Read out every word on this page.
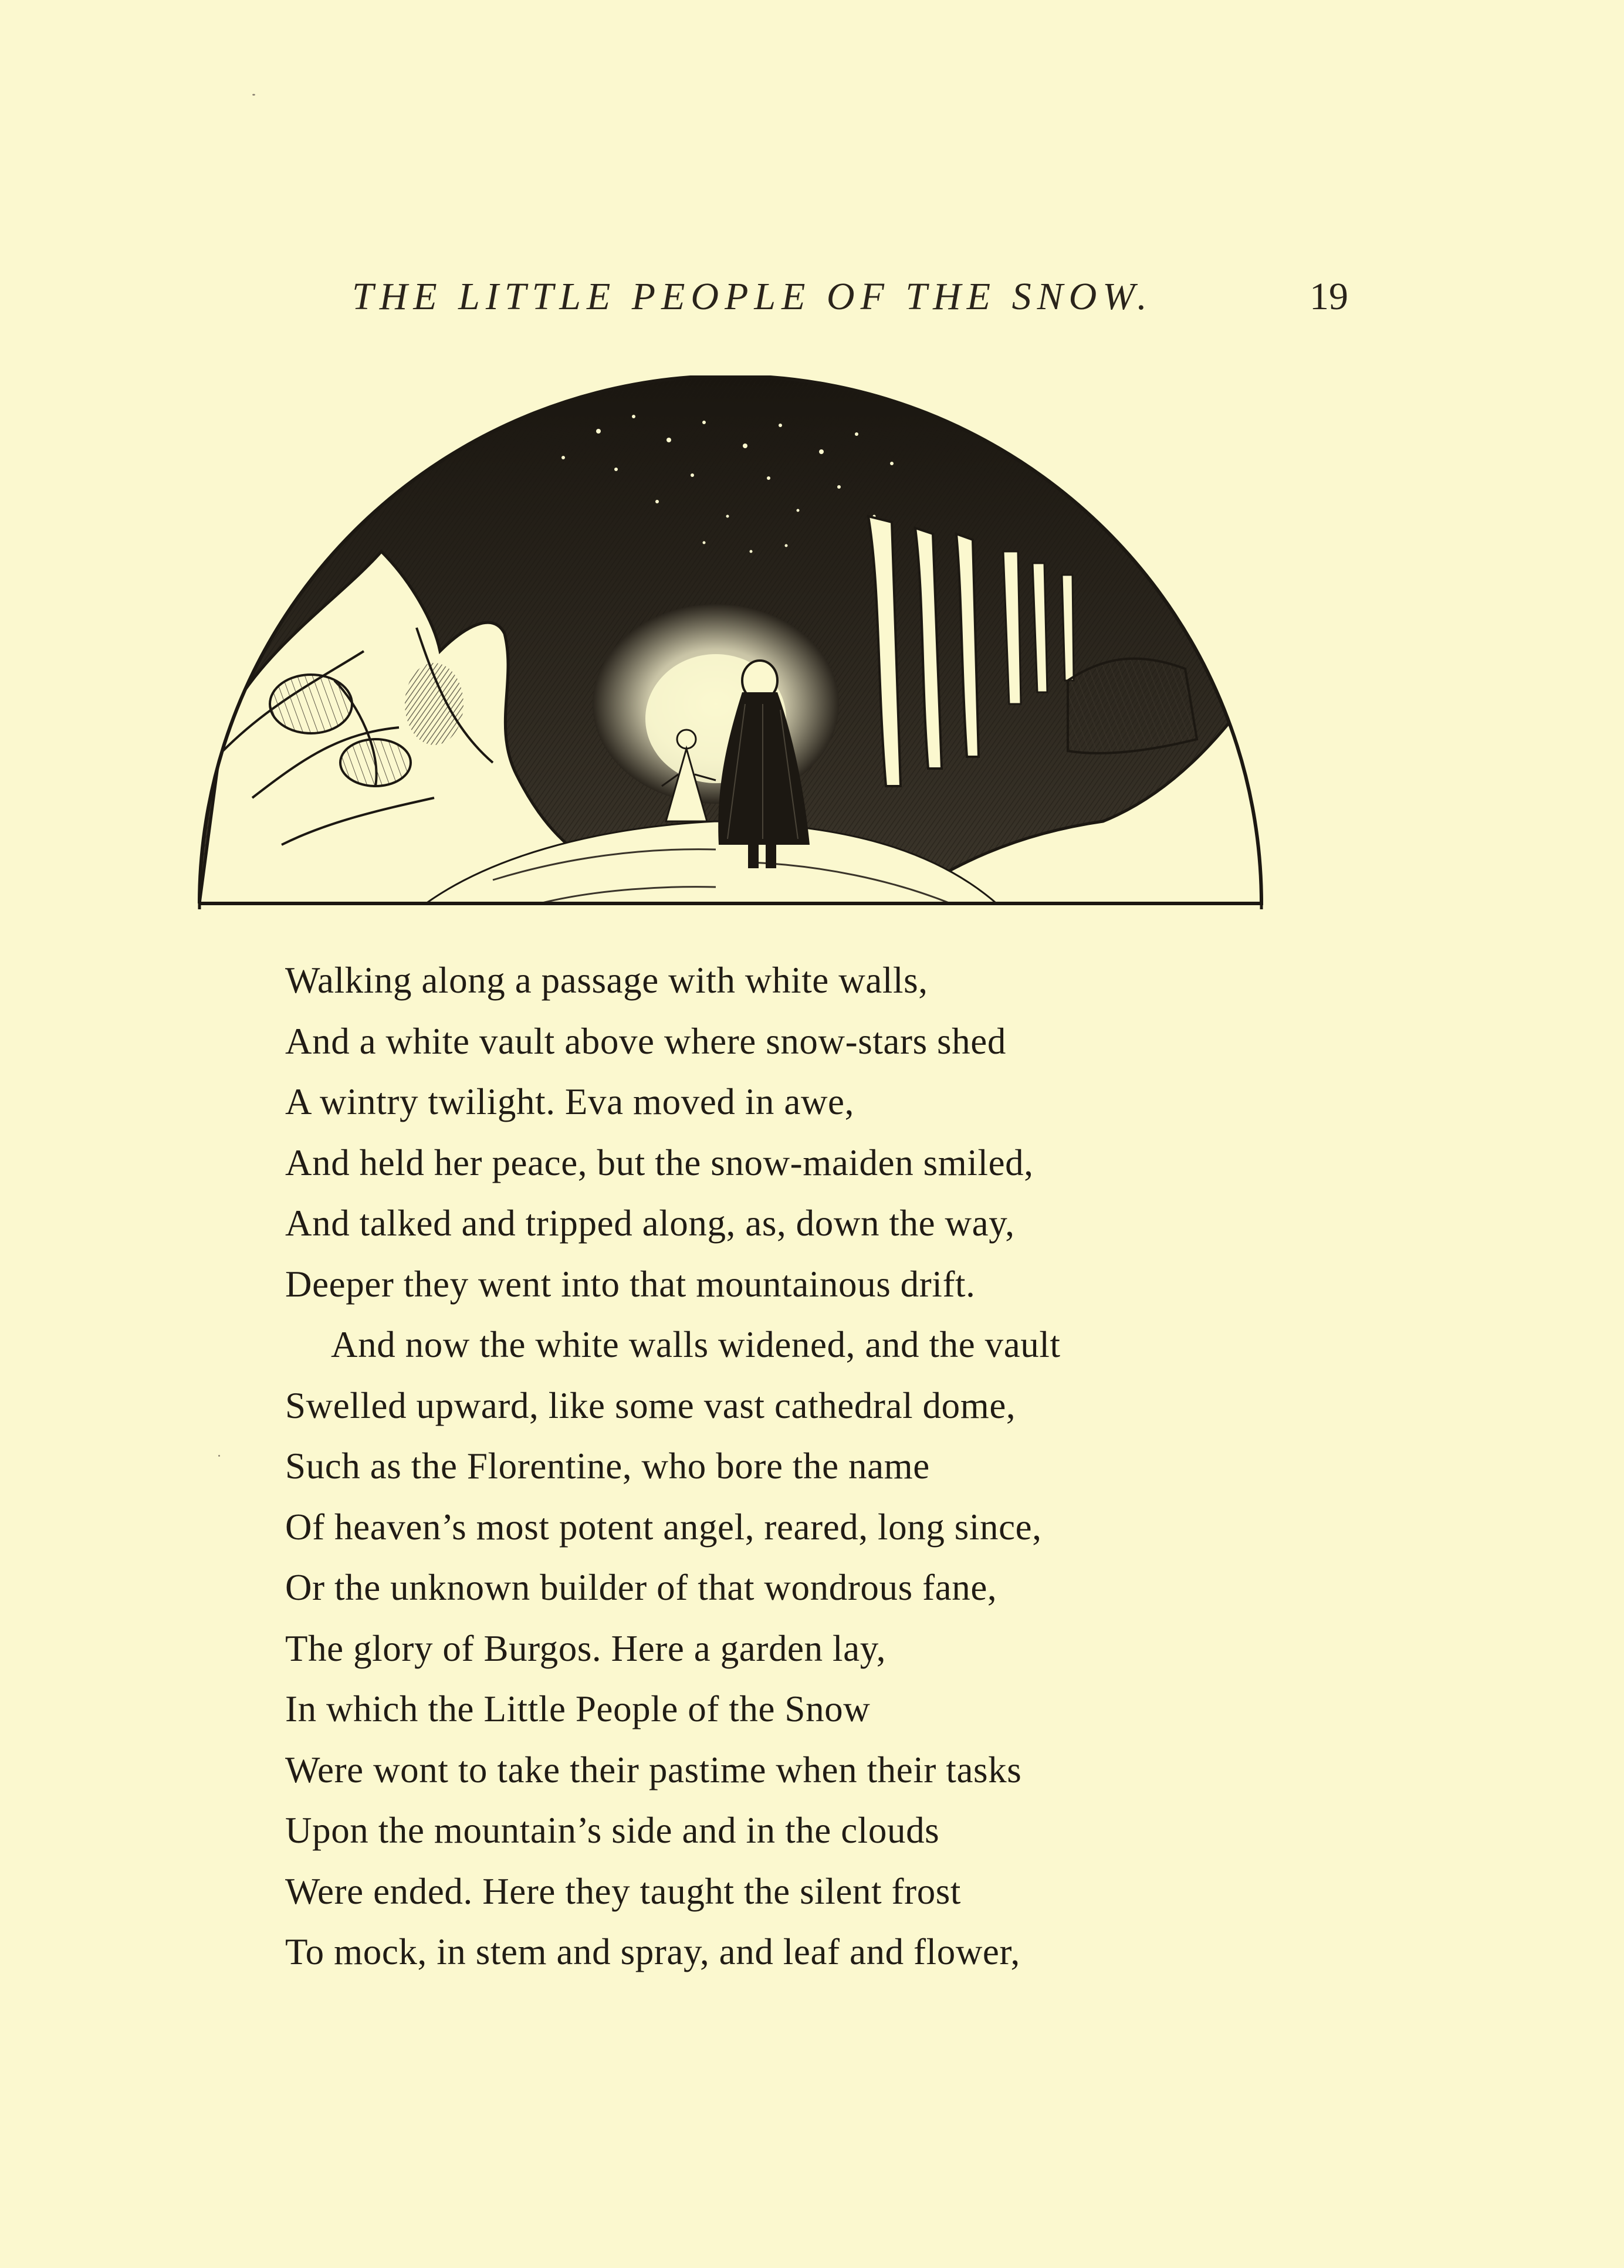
THE LITTLE PEOPLE OF THE SNOW.	19
Walking along a passage with white walls,
And a white vault above where snow-stars shed
A wintry twilight. Eva moved in awe,
And held her peace, but the snow-maiden smiled,
And talked and tripped along, as, down the way,
Deeper they went into that mountainous drift.
And now the white walls widened, and the vault
Swelled upward, like some vast cathedral dome,
Such as the Florentine, who bore the name
Of heaven’s most potent angel, reared, long since,
Or the unknown builder of that wondrous fane,
The glory of Burgos. Here a garden lay,
In which the Little People of the Snow
Were wont to take their pastime when their tasks
Upon the mountain’s side and in the clouds
Were ended. Here they taught the silent frost
To mock, in stem and spray, and leaf and flower,
